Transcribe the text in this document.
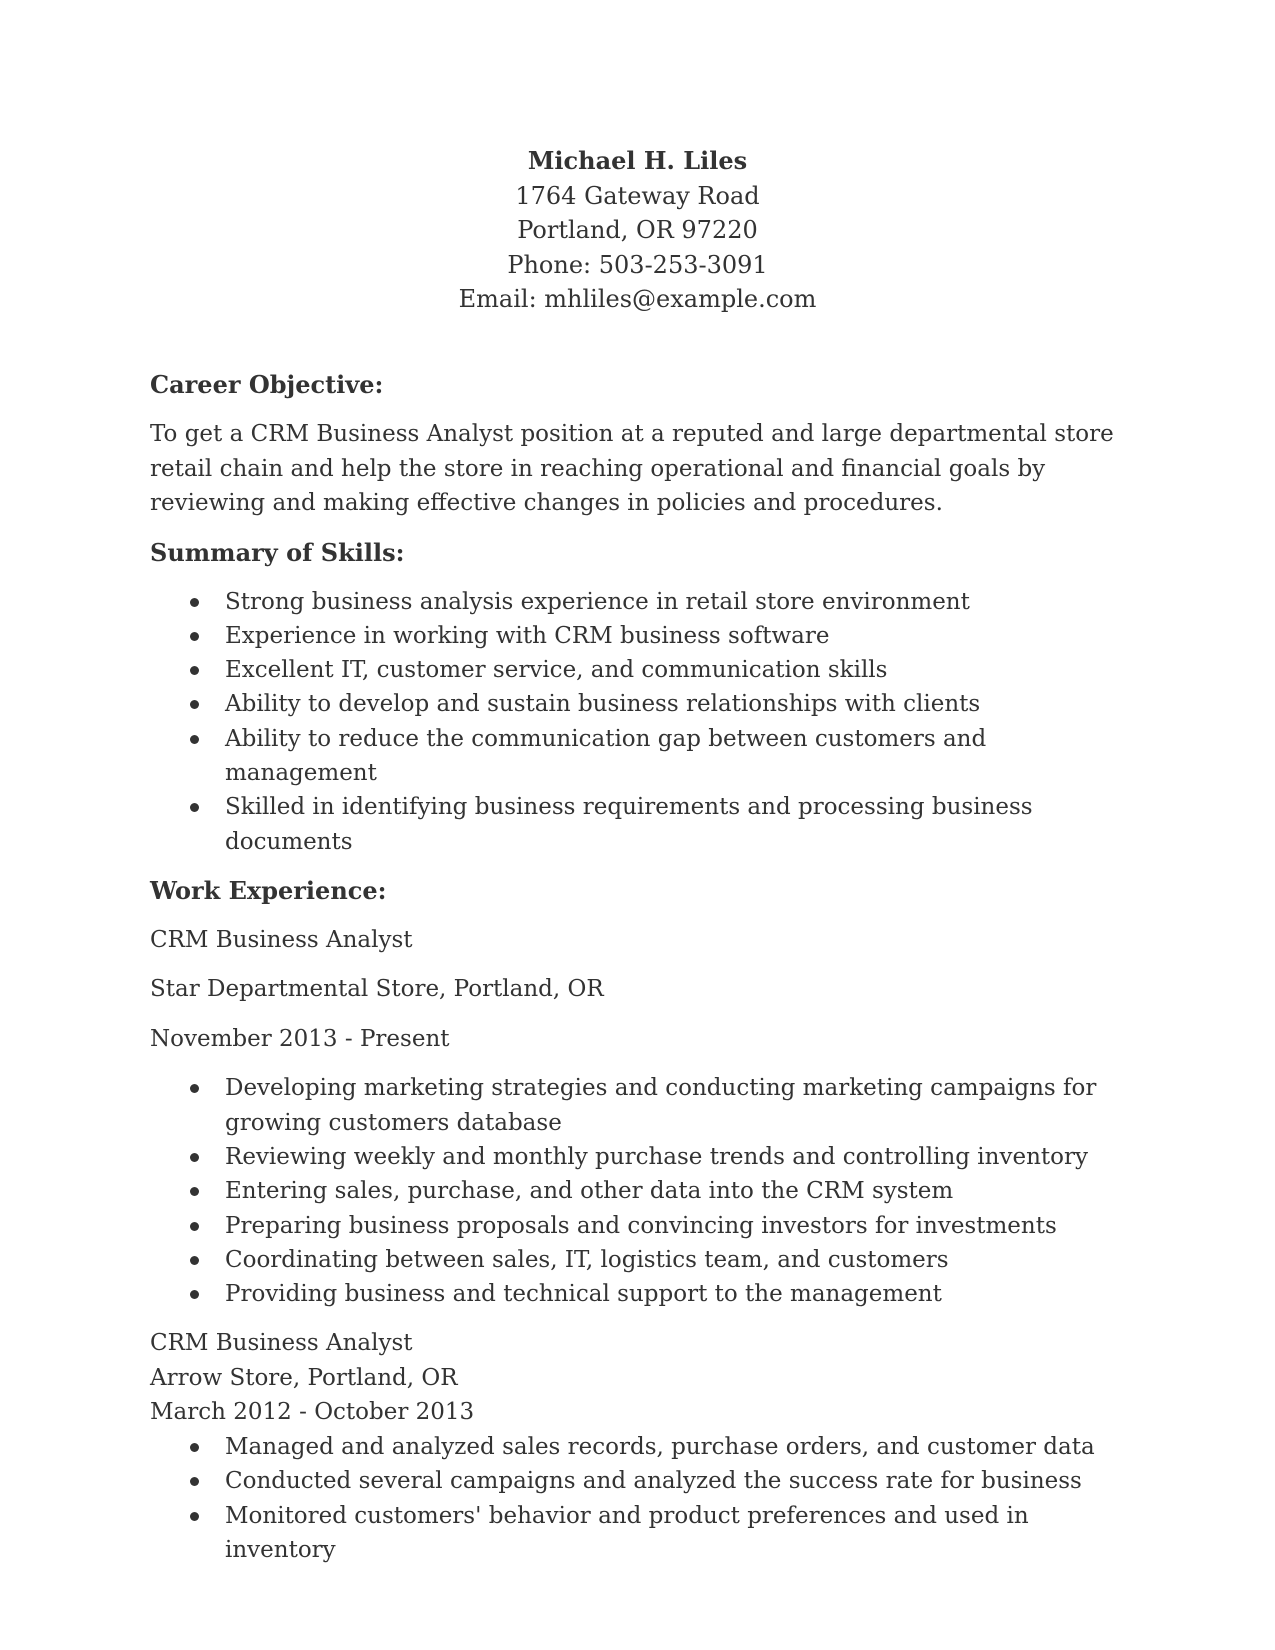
Michael H. Liles
1764 Gateway Road
Portland, OR 97220
Phone: 503-253-3091
Email: mhliles@example.com
Career Objective:

To get a CRM Business Analyst position at a reputed and large departmental store retail chain and help the store in reaching operational and financial goals by reviewing and making effective changes in policies and procedures.

Summary of Skills:
Strong business analysis experience in retail store environment
Experience in working with CRM business software
Excellent IT, customer service, and communication skills
Ability to develop and sustain business relationships with clients
Ability to reduce the communication gap between customers and management
Skilled in identifying business requirements and processing business documents
Work Experience:
CRM Business Analyst
Star Departmental Store, Portland, OR
November 2013 - Present
Developing marketing strategies and conducting marketing campaigns for growing customers database
Reviewing weekly and monthly purchase trends and controlling inventory
Entering sales, purchase, and other data into the CRM system
Preparing business proposals and convincing investors for investments
Coordinating between sales, IT, logistics team, and customers
Providing business and technical support to the management
CRM Business Analyst
Arrow Store, Portland, OR
March 2012 - October 2013
Managed and analyzed sales records, purchase orders, and customer data
Conducted several campaigns and analyzed the success rate for business
Monitored customers' behavior and product preferences and used in inventory
